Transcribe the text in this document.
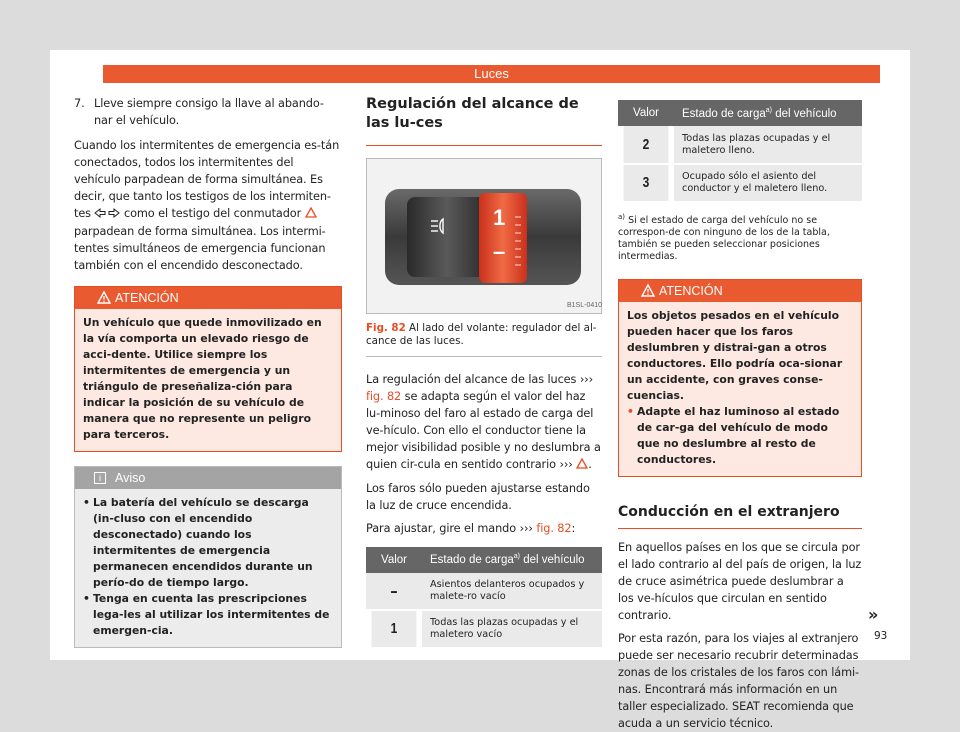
Luces
7. Lleve siempre consigo la llave al abando-nar el vehículo.

Cuando los intermitentes de emergencia es-tán conectados, todos los intermitentes del vehículo parpadean de forma simultánea. Es decir, que tanto los testigos de los intermiten-tes	como el testigo del conmutador  parpadean de forma simultánea. Los intermi-tentes simultáneos de emergencia funcionan también con el encendido desconectado.

ATENCIÓN
Un vehículo que quede inmovilizado en la vía comporta un elevado riesgo de acci-dente. Utilice siempre los intermitentes de emergencia y un triángulo de preseñaliza-ción para indicar la posición de su vehículo de manera que no represente un peligro para terceros.
i	Aviso
• La batería del vehículo se descarga (in-cluso con el encendido desconectado) cuando los intermitentes de emergencia permanecen encendidos durante un perío-do de tiempo largo.
• Tenga en cuenta las prescripciones lega-les al utilizar los intermitentes de emergen-cia.
Regulación del alcance de las lu-ces
1
–
B1SL-0410
Fig. 82 Al lado del volante: regulador del al-cance de las luces.

La regulación del alcance de las luces ››› fig. 82 se adapta según el valor del haz lu-minoso del faro al estado de carga del ve-hículo. Con ello el conductor tiene la mejor visibilidad posible y no deslumbra a quien cir-cula en sentido contrario ››› .

Los faros sólo pueden ajustarse estando la luz de cruce encendida.

Para ajustar, gire el mando ››› fig. 82:

Valor	Estado de carga$^{a)}$ del vehículo
–	Asientos delanteros ocupados y malete-ro vacío
1	Todas las plazas ocupadas y el maletero vacío
Valor	Estado de carga$^{a)}$ del vehículo
2	Todas las plazas ocupadas y el maletero lleno.
3	Ocupado sólo el asiento del conductor y el maletero lleno.
$^{a)}$ Si el estado de carga del vehículo no se correspon-de con ninguno de los de la tabla, también se pueden seleccionar posiciones intermedias.
ATENCIÓN
Los objetos pesados en el vehículo pueden hacer que los faros deslumbren y distrai-gan a otros conductores. Ello podría oca-sionar un accidente, con graves conse-cuencias.
• Adapte el haz luminoso al estado de car-ga del vehículo de modo que no deslumbre al resto de conductores.
Conducción en el extranjero

En aquellos países en los que se circula por el lado contrario al del país de origen, la luz de cruce asimétrica puede deslumbrar a los ve-hículos que circulan en sentido contrario.

Por esta razón, para los viajes al extranjero puede ser necesario recubrir determinadas zonas de los cristales de los faros con lámi-nas. Encontrará más información en un taller especializado. SEAT recomienda que acuda a un servicio técnico.

»
93
